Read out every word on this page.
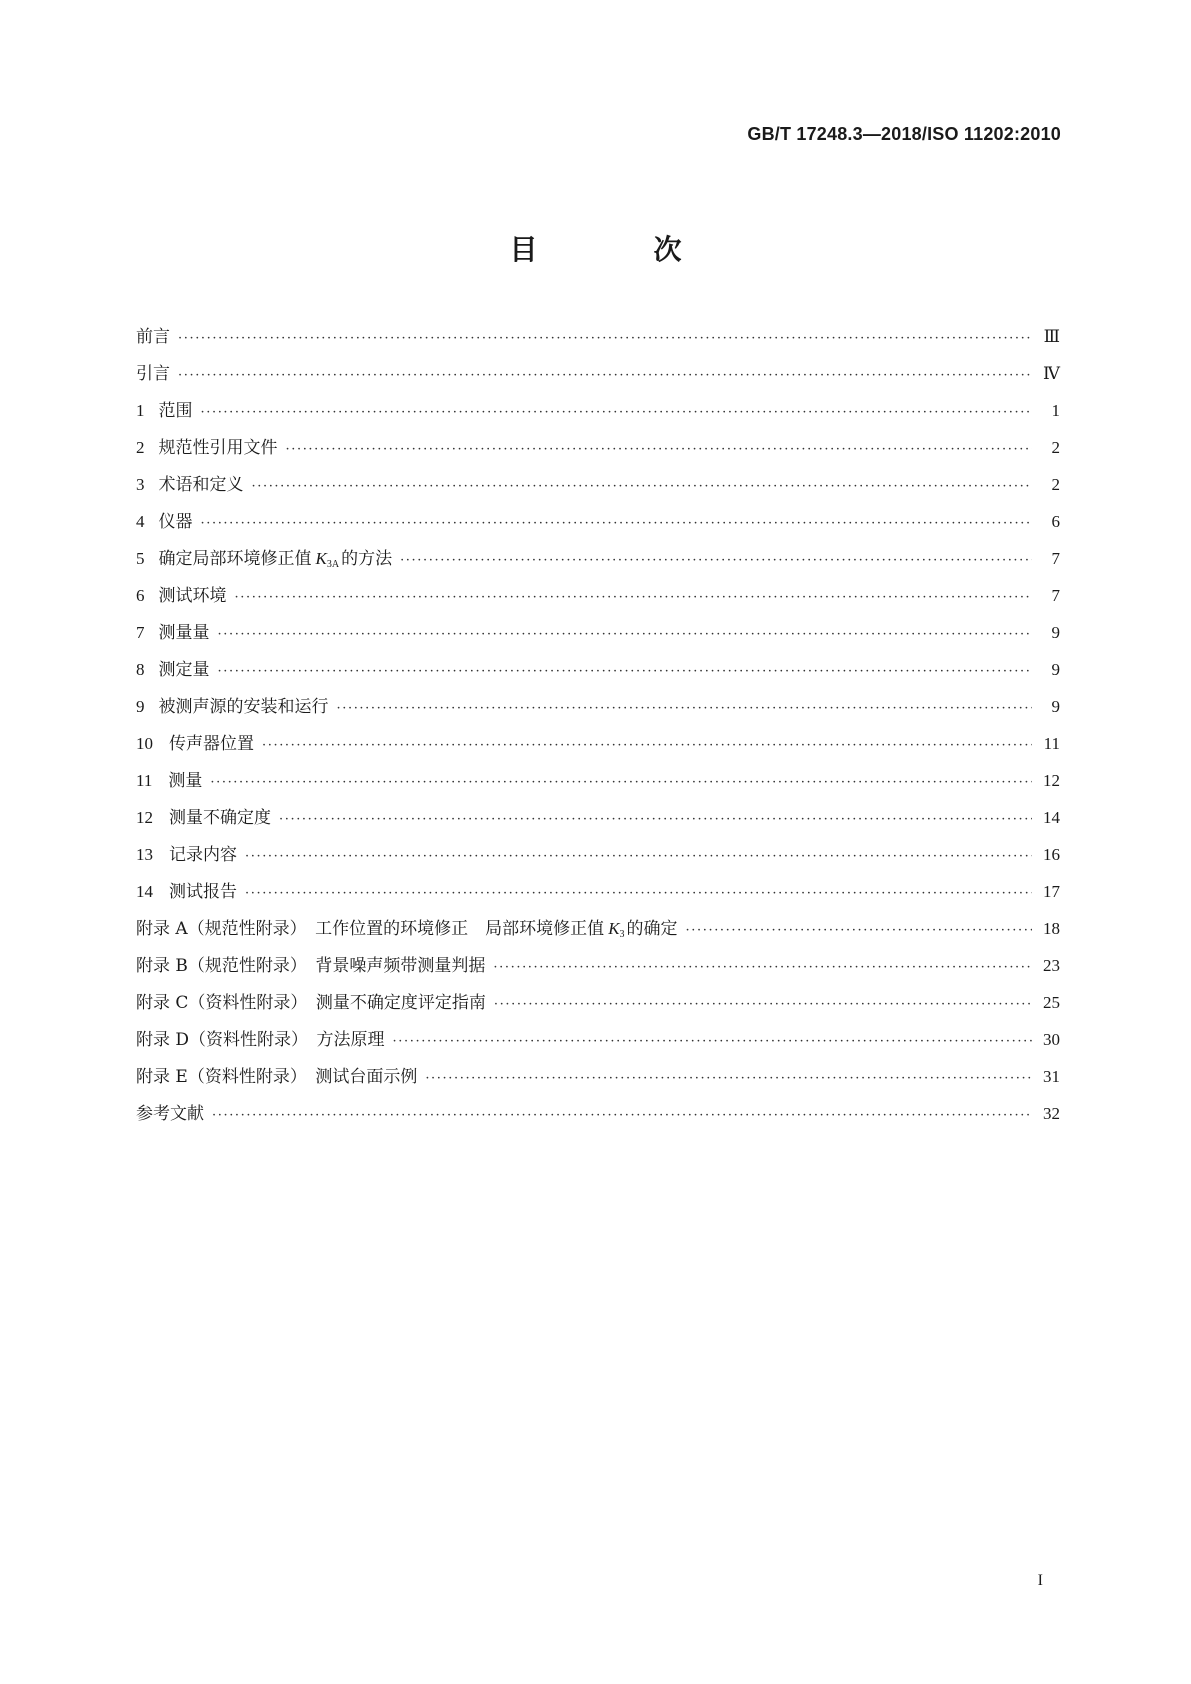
GB/T 17248.3—2018/ISO 11202:2010
目　次
前言 ·····	Ⅲ
引言 ·····	Ⅳ
1 范围 ·····	1
2 规范性引用文件 ·····	2
3 术语和定义 ·····	2
4 仪器 ·····	6
5 确定局部环境修正值 $K_{3A}$ 的方法 ·····	7
6 测试环境 ·····	7
7 测量量 ·····	9
8 测定量 ·····	9
9 被测声源的安装和运行 ·····	9
10 传声器位置 ·····	11
11 测量 ·····	12
12 测量不确定度 ·····	14
13 记录内容 ·····	16
14 测试报告 ·····	17
附录 A（规范性附录）　工作位置的环境修正　局部环境修正值 $K_3$ 的确定 ·····	18
附录 B（规范性附录）　背景噪声频带测量判据 ·····	23
附录 C（资料性附录）　测量不确定度评定指南 ·····	25
附录 D（资料性附录）　方法原理 ·····	30
附录 E（资料性附录）　测试台面示例 ·····	31
参考文献 ·····	32
I
